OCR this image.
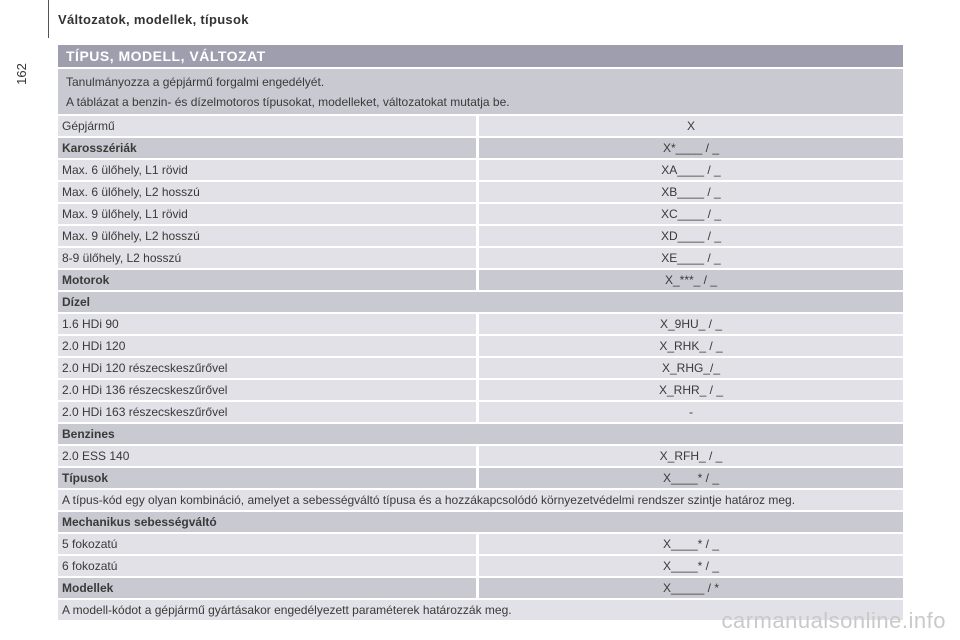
162
Változatok, modellek, típusok
TÍPUS, MODELL, VÁLTOZAT
Tanulmányozza a gépjármű forgalmi engedélyét.
A táblázat a benzin- és dízelmotoros típusokat, modelleket, változatokat mutatja be.
Gépjármű	X
Karosszériák	X*____ / _
Max. 6 ülőhely, L1 rövid	XA____ / _
Max. 6 ülőhely, L2 hosszú	XB____ / _
Max. 9 ülőhely, L1 rövid	XC____ / _
Max. 9 ülőhely, L2 hosszú	XD____ / _
8-9 ülőhely, L2 hosszú	XE____ / _
Motorok	X_***_ / _
Dízel
1.6 HDi 90	X_9HU_ / _
2.0 HDi 120	X_RHK_ / _
2.0 HDi 120 részecskeszűrővel	X_RHG_/_
2.0 HDi 136 részecskeszűrővel	X_RHR_ / _
2.0 HDi 163 részecskeszűrővel	-
Benzines
2.0 ESS 140	X_RFH_ / _
Típusok	X____* / _
A típus-kód egy olyan kombináció, amelyet a sebességváltó típusa és a hozzákapcsolódó környezetvédelmi rendszer szintje határoz meg.
Mechanikus sebességváltó
5 fokozatú	X____* / _
6 fokozatú	X____* / _
Modellek	X_____ / *
A modell-kódot a gépjármű gyártásakor engedélyezett paraméterek határozzák meg.	carmanualsonline.info
